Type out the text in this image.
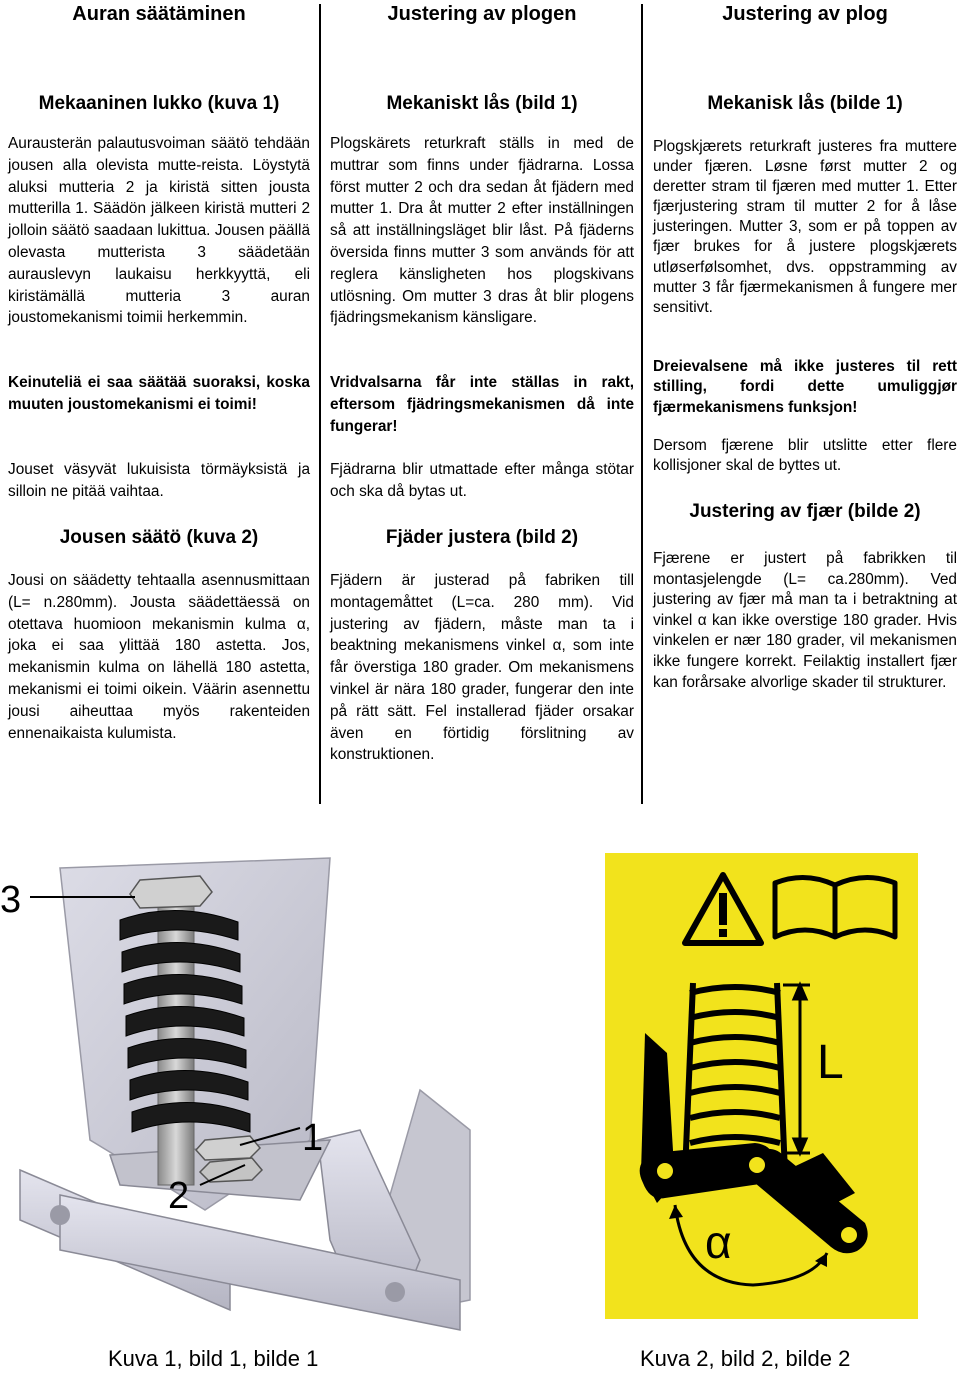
Auran säätäminen
Mekaaninen lukko (kuva 1)

Aurausterän palautusvoiman säätö tehdään jousen alla olevista mutte-reista. Löystytä aluksi mutteria 2 ja kiristä sitten jousta mutterilla 1. Säädön jälkeen kiristä mutteri 2 jolloin säätö saadaan lukittua. Jousen päällä olevasta mutterista 3 säädetään aurauslevyn laukaisu herkkyyttä, eli kiristämällä mutteria 3 auran joustomekanismi toimii herkemmin.

Keinuteliä ei saa säätää suoraksi, koska muuten joustomekanismi ei toimi!

Jouset väsyvät lukuisista törmäyksistä ja silloin ne pitää vaihtaa.

Jousen säätö (kuva 2)

Jousi on säädetty tehtaalla asennusmittaan (L= n.280mm). Jousta säädettäessä on otettava huomioon mekanismin kulma α, joka ei saa ylittää 180 astetta. Jos, mekanismin kulma on lähellä 180 astetta, mekanismi ei toimi oikein. Väärin asennettu jousi aiheuttaa myös rakenteiden ennenaikaista kulumista.

Justering av plogen
Mekaniskt lås (bild 1)

Plogskärets returkraft ställs in med de muttrar som finns under fjädrarna. Lossa först mutter 2 och dra sedan åt fjädern med mutter 1. Dra åt mutter 2 efter inställningen så att inställningsläget blir låst. På fjäderns översida finns mutter 3 som används för att reglera känsligheten hos plogskivans utlösning. Om mutter 3 dras åt blir plogens fjädringsmekanism känsligare.

Vridvalsarna får inte ställas in rakt, eftersom fjädringsmekanismen då inte fungerar!

Fjädrarna blir utmattade efter många stötar och ska då bytas ut.

Fjäder justera (bild 2)

Fjädern är justerad på fabriken till montagemåttet (L=ca. 280 mm). Vid justering av fjädern, måste man ta i beaktning mekanismens vinkel α, som inte får överstiga 180 grader. Om mekanismens vinkel är nära 180 grader, fungerar den inte på rätt sätt. Fel installerad fjäder orsakar även en förtidig förslitning av konstruktionen.

Justering av plog
Mekanisk lås (bilde 1)

Plogskjærets returkraft justeres fra muttere under fjæren. Løsne først mutter 2 og deretter stram til fjæren med mutter 1. Etter fjærjustering stram til mutter 2 for å låse justeringen. Mutter 3, som er på toppen av fjær brukes for å justere plogskjærets utløserfølsomhet, dvs. oppstramming av mutter 3 får fjærmekanismen å fungere mer sensitivt.

Dreievalsene må ikke justeres til rett stilling, fordi dette umuliggjør fjærmekanismens funksjon!

Dersom fjærene blir utslitte etter flere kollisjoner skal de byttes ut.

Justering av fjær (bilde 2)

Fjærene er justert på fabrikken til montasjelengde (L= ca.280mm). Ved justering av fjær må man ta i betraktning at vinkel α kan ikke overstige 180 grader. Hvis vinkelen er nær 180 grader, vil mekanismen ikke fungere korrekt. Feilaktig installert fjær kan forårsake alvorlige skader til strukturer.

3
1
2
L
α

Kuva 1, bild 1, bilde 1	Kuva 2, bild 2, bilde 2
